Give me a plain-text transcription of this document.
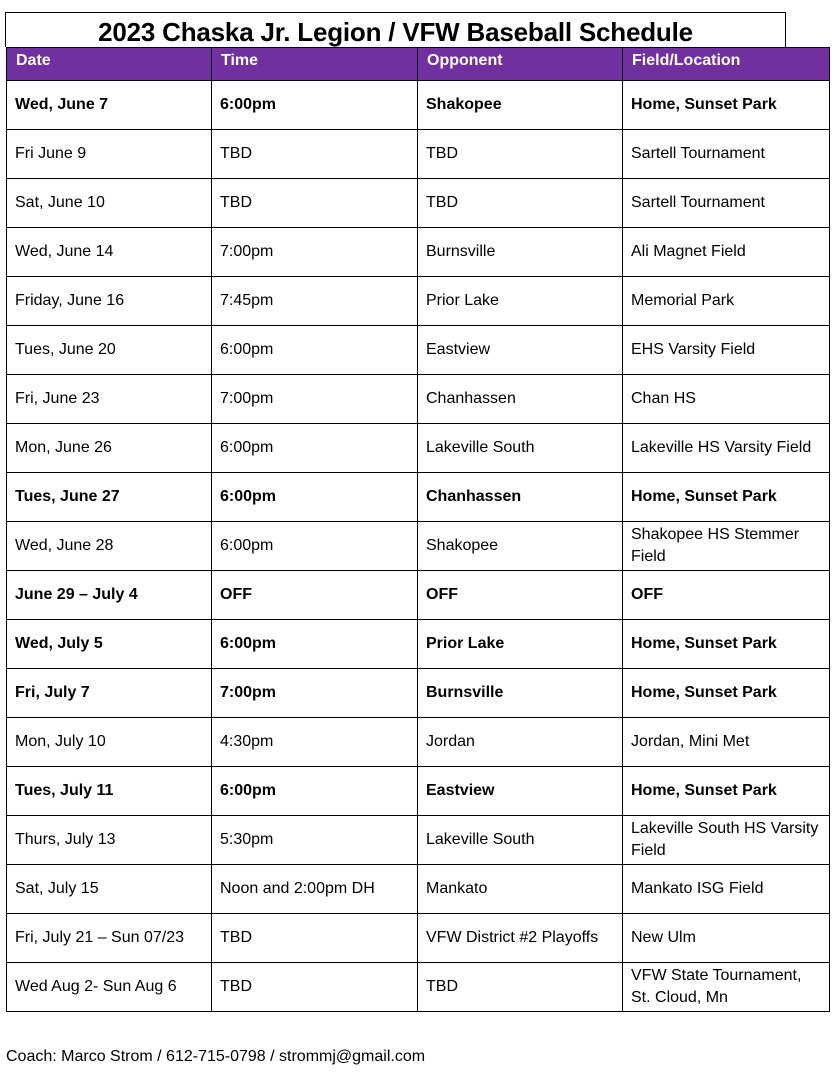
2023 Chaska Jr. Legion / VFW Baseball Schedule
Date	Time	Opponent	Field/Location
Wed, June 7	6:00pm	Shakopee	Home, Sunset Park
Fri June 9	TBD	TBD	Sartell Tournament
Sat, June 10	TBD	TBD	Sartell Tournament
Wed, June 14	7:00pm	Burnsville	Ali Magnet Field
Friday, June 16	7:45pm	Prior Lake	Memorial Park
Tues, June 20	6:00pm	Eastview	EHS Varsity Field
Fri, June 23	7:00pm	Chanhassen	Chan HS
Mon, June 26	6:00pm	Lakeville South	Lakeville HS Varsity Field
Tues, June 27	6:00pm	Chanhassen	Home, Sunset Park
Wed, June 28	6:00pm	Shakopee	Shakopee HS Stemmer Field
June 29 – July 4	OFF	OFF	OFF
Wed, July 5	6:00pm	Prior Lake	Home, Sunset Park
Fri, July 7	7:00pm	Burnsville	Home, Sunset Park
Mon, July 10	4:30pm	Jordan	Jordan, Mini Met
Tues, July 11	6:00pm	Eastview	Home, Sunset Park
Thurs, July 13	5:30pm	Lakeville South	Lakeville South HS Varsity Field
Sat, July 15	Noon and 2:00pm DH	Mankato	Mankato ISG Field
Fri, July 21 – Sun 07/23	TBD	VFW District #2 Playoffs	New Ulm
Wed Aug 2- Sun Aug 6	TBD	TBD	VFW State Tournament, St. Cloud, Mn
Coach: Marco Strom / 612-715-0798 / strommj@gmail.com
